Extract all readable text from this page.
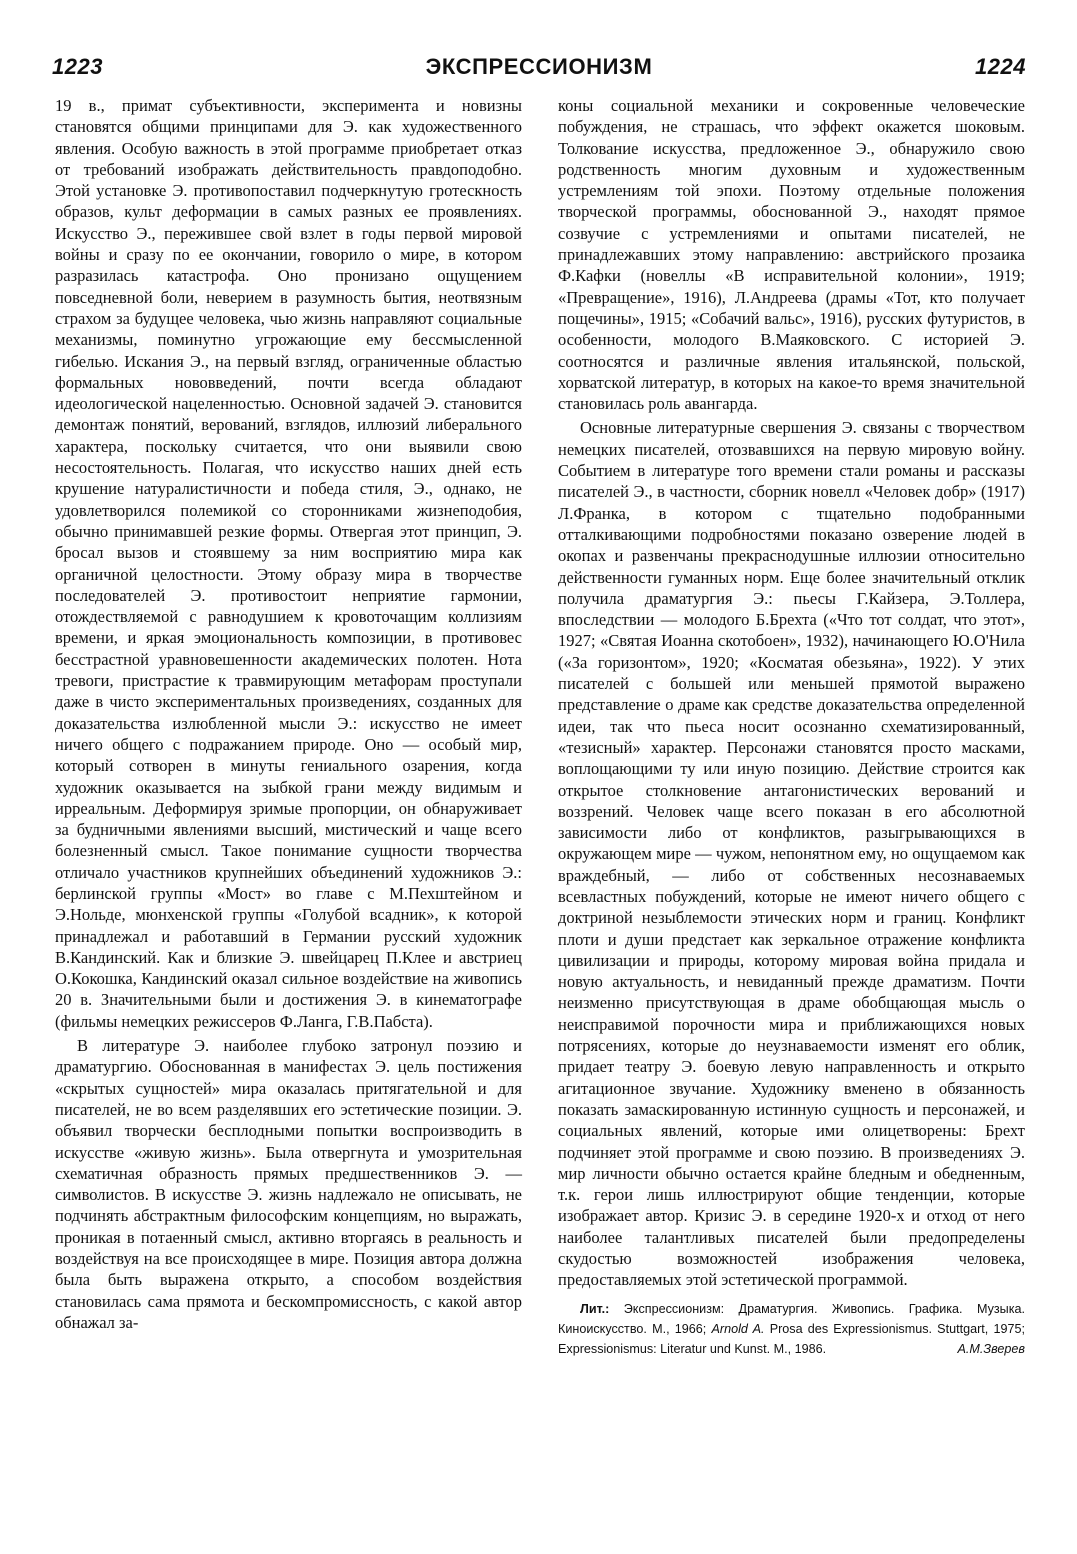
1223	ЭКСПРЕССИОНИЗМ	1224

19 в., примат субъективности, эксперимента и новизны становятся общими принципами для Э. как художественного явления. Особую важность в этой программе приобретает отказ от требований изображать действительность правдоподобно. Этой установке Э. противопоставил подчеркнутую гротескность образов, культ деформации в самых разных ее проявлениях. Искусство Э., пережившее свой взлет в годы первой мировой войны и сразу по ее окончании, говорило о мире, в котором разразилась катастрофа. Оно пронизано ощущением повседневной боли, неверием в разумность бытия, неотвязным страхом за будущее человека, чью жизнь направляют социальные механизмы, поминутно угрожающие ему бессмысленной гибелью. Искания Э., на первый взгляд, ограниченные областью формальных нововведений, почти всегда обладают идеологической нацеленностью. Основной задачей Э. становится демонтаж понятий, верований, взглядов, иллюзий либерального характера, поскольку считается, что они выявили свою несостоятельность. Полагая, что искусство наших дней есть крушение натуралистичности и победа стиля, Э., однако, не удовлетворился полемикой со сторонниками жизнеподобия, обычно принимавшей резкие формы. Отвергая этот принцип, Э. бросал вызов и стоявшему за ним восприятию мира как органичной целостности. Этому образу мира в творчестве последователей Э. противостоит неприятие гармонии, отождествляемой с равнодушием к кровоточащим коллизиям времени, и яркая эмоциональность композиции, в противовес бесстрастной уравновешенности академических полотен. Нота тревоги, пристрастие к травмирующим метафорам проступали даже в чисто экспериментальных произведениях, созданных для доказательства излюбленной мысли Э.: искусство не имеет ничего общего с подражанием природе. Оно — особый мир, который сотворен в минуты гениального озарения, когда художник оказывается на зыбкой грани между видимым и ирреальным. Деформируя зримые пропорции, он обнаруживает за будничными явлениями высший, мистический и чаще всего болезненный смысл. Такое понимание сущности творчества отличало участников крупнейших объединений художников Э.: берлинской группы «Мост» во главе с М.Пехштейном и Э.Нольде, мюнхенской группы «Голубой всадник», к которой принадлежал и работавший в Германии русский художник В.Кандинский. Как и близкие Э. швейцарец П.Клее и австриец О.Кокошка, Кандинский оказал сильное воздействие на живопись 20 в. Значительными были и достижения Э. в кинематографе (фильмы немецких режиссеров Ф.Ланга, Г.В.Пабста).

В литературе Э. наиболее глубоко затронул поэзию и драматургию. Обоснованная в манифестах Э. цель постижения «скрытых сущностей» мира оказалась притягательной и для писателей, не во всем разделявших его эстетические позиции. Э. объявил творчески бесплодными попытки воспроизводить в искусстве «живую жизнь». Была отвергнута и умозрительная схематичная образность прямых предшественников Э. — символистов. В искусстве Э. жизнь надлежало не описывать, не подчинять абстрактным философским концепциям, но выражать, проникая в потаенный смысл, активно вторгаясь в реальность и воздействуя на все происходящее в мире. Позиция автора должна была быть выражена открыто, а способом воздействия становилась сама прямота и бескомпромиссность, с какой автор обнажал за-

коны социальной механики и сокровенные человеческие побуждения, не страшась, что эффект окажется шоковым. Толкование искусства, предложенное Э., обнаружило свою родственность многим духовным и художественным устремлениям той эпохи. Поэтому отдельные положения творческой программы, обоснованной Э., находят прямое созвучие с устремлениями и опытами писателей, не принадлежавших этому направлению: австрийского прозаика Ф.Кафки (новеллы «В исправительной колонии», 1919; «Превращение», 1916), Л.Андреева (драмы «Тот, кто получает пощечины», 1915; «Собачий вальс», 1916), русских футуристов, в особенности, молодого В.Маяковского. С историей Э. соотносятся и различные явления итальянской, польской, хорватской литератур, в которых на какое-то время значительной становилась роль авангарда.

Основные литературные свершения Э. связаны с творчеством немецких писателей, отозвавшихся на первую мировую войну. Событием в литературе того времени стали романы и рассказы писателей Э., в частности, сборник новелл «Человек добр» (1917) Л.Франка, в котором с тщательно подобранными отталкивающими подробностями показано озверение людей в окопах и развенчаны прекраснодушные иллюзии относительно действенности гуманных норм. Еще более значительный отклик получила драматургия Э.: пьесы Г.Кайзера, Э.Толлера, впоследствии — молодого Б.Брехта («Что тот солдат, что этот», 1927; «Святая Иоанна скотобоен», 1932), начинающего Ю.О'Нила («За горизонтом», 1920; «Косматая обезьяна», 1922). У этих писателей с большей или меньшей прямотой выражено представление о драме как средстве доказательства определенной идеи, так что пьеса носит осознанно схематизированный, «тезисный» характер. Персонажи становятся просто масками, воплощающими ту или иную позицию. Действие строится как открытое столкновение антагонистических верований и воззрений. Человек чаще всего показан в его абсолютной зависимости либо от конфликтов, разыгрывающихся в окружающем мире — чужом, непонятном ему, но ощущаемом как враждебный, — либо от собственных несознаваемых всевластных побуждений, которые не имеют ничего общего с доктриной незыблемости этических норм и границ. Конфликт плоти и души предстает как зеркальное отражение конфликта цивилизации и природы, которому мировая война придала и новую актуальность, и невиданный прежде драматизм. Почти неизменно присутствующая в драме обобщающая мысль о неисправимой порочности мира и приближающихся новых потрясениях, которые до неузнаваемости изменят его облик, придает театру Э. боевую левую направленность и открыто агитационное звучание. Художнику вменено в обязанность показать замаскированную истинную сущность и персонажей, и социальных явлений, которые ими олицетворены: Брехт подчиняет этой программе и свою поэзию. В произведениях Э. мир личности обычно остается крайне бледным и обедненным, т.к. герои лишь иллюстрируют общие тенденции, которые изображает автор. Кризис Э. в середине 1920-х и отход от него наиболее талантливых писателей были предопределены скудостью возможностей изображения человека, предоставляемых этой эстетической программой.

Лит.: Экспрессионизм: Драматургия. Живопись. Графика. Музыка. Киноискусство. М., 1966; Arnold A. Prosa des Expressionismus. Stuttgart, 1975; Expressionismus: Literatur und Kunst. M., 1986.	А.М.Зверев
